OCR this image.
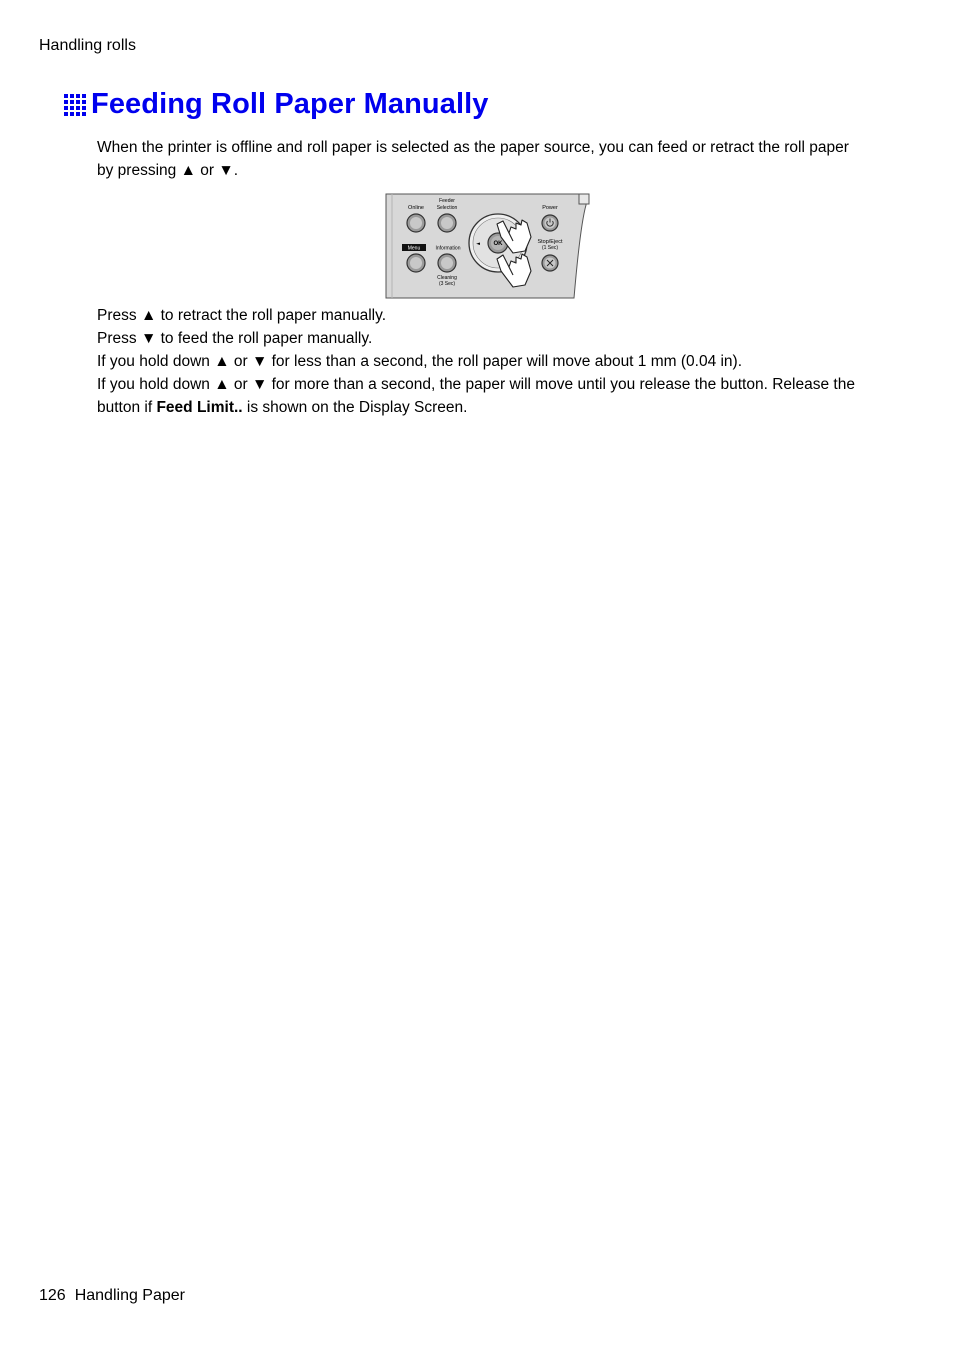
Handling rolls
Feeding Roll Paper Manually
When the printer is offline and roll paper is selected as the paper source, you can feed or retract the roll paper by pressing ▲ or ▼.
Online
Feeder
Selection	Power
Menu	Information
Cleaning
(3 Sec)
OK
◄	Stop/Eject
(1 Sec)

Press ▲ to retract the roll paper manually.

Press ▼ to feed the roll paper manually.

If you hold down ▲ or ▼ for less than a second, the roll paper will move about 1 mm (0.04 in).

If you hold down ▲ or ▼ for more than a second, the paper will move until you release the button. Release the button if Feed Limit.. is shown on the Display Screen.

126 Handling Paper
